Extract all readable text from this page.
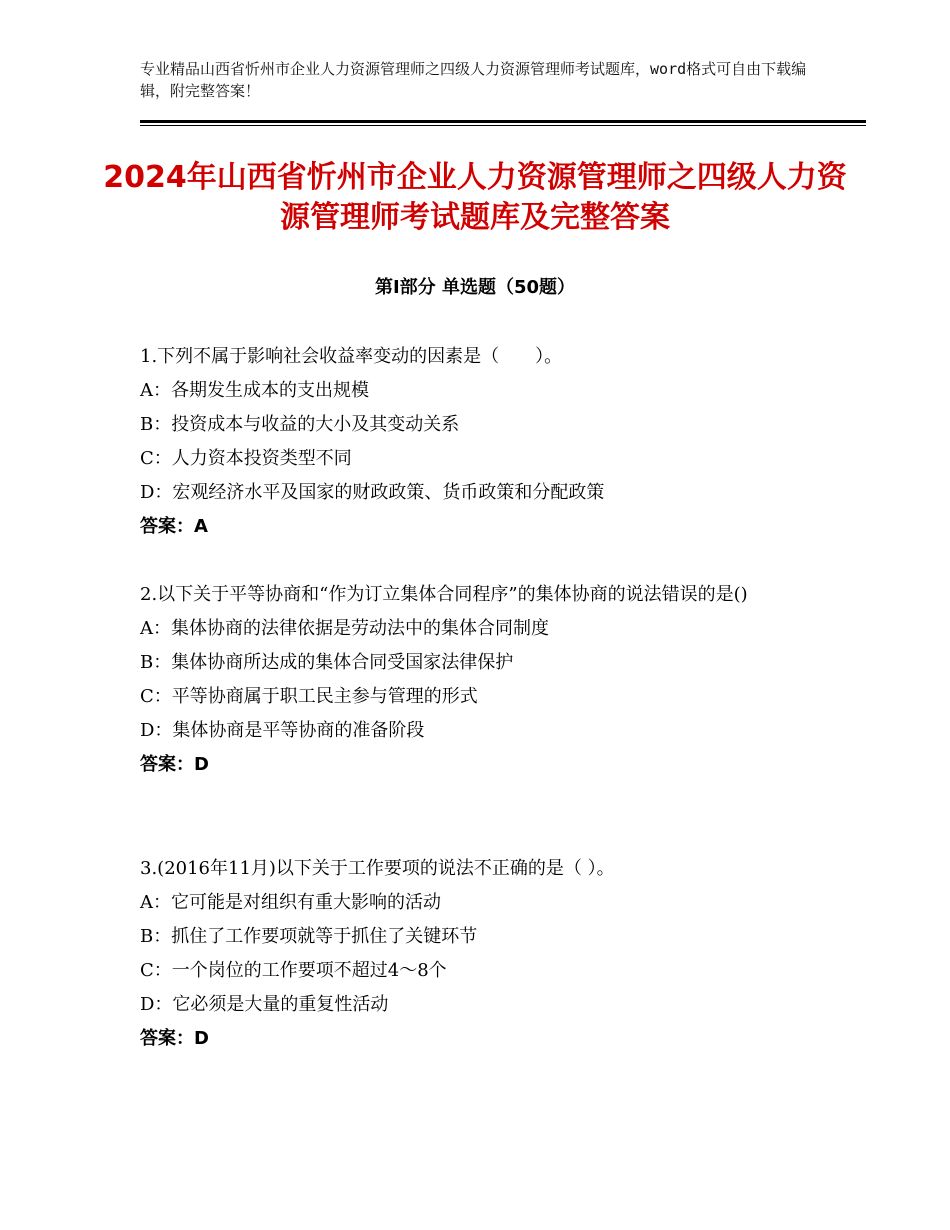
专业精品山西省忻州市企业人力资源管理师之四级人力资源管理师考试题库，word格式可自由下载编辑，附完整答案！
2024年山西省忻州市企业人力资源管理师之四级人力资源管理师考试题库及完整答案
第Ⅰ部分 单选题（50题）

1.下列不属于影响社会收益率变动的因素是（　　）。

A：各期发生成本的支出规模

B：投资成本与收益的大小及其变动关系

C：人力资本投资类型不同

D：宏观经济水平及国家的财政政策、货币政策和分配政策

答案：A

2.以下关于平等协商和“作为订立集体合同程序”的集体协商的说法错误的是()

A：集体协商的法律依据是劳动法中的集体合同制度

B：集体协商所达成的集体合同受国家法律保护

C：平等协商属于职工民主参与管理的形式

D：集体协商是平等协商的准备阶段

答案：D

3.(2016年11月)以下关于工作要项的说法不正确的是（ ）。

A：它可能是对组织有重大影响的活动

B：抓住了工作要项就等于抓住了关键环节

C：一个岗位的工作要项不超过4～8个

D：它必须是大量的重复性活动

答案：D
